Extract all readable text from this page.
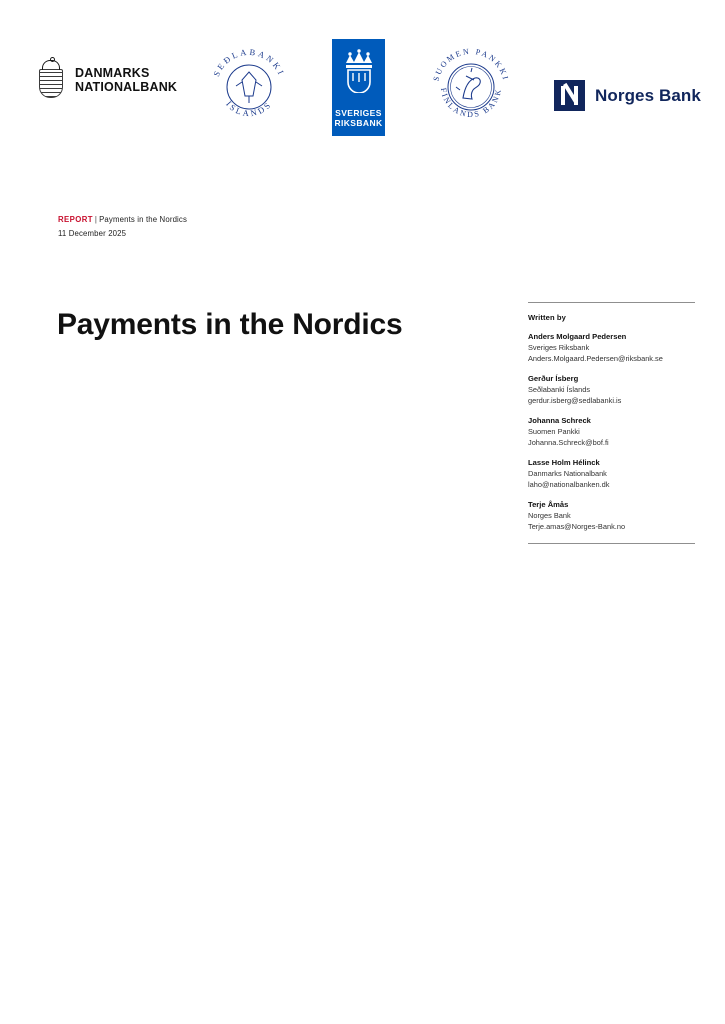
DANMARKS
NATIONALBANK
SEÐLABANKI
ÍSLANDS
SVERIGES
RIKSBANK
SUOMEN PANKKI
FINLANDS BANK	Norges Bank
REPORT | Payments in the Nordics
11 December 2025
Payments in the Nordics	Written by
Anders Molgaard Pedersen
Sveriges Riksbank
Anders.Molgaard.Pedersen@riksbank.se
Gerður Ísberg
Seðlabanki Íslands
gerdur.isberg@sedlabanki.is
Johanna Schreck
Suomen Pankki
Johanna.Schreck@bof.fi
Lasse Holm Hélinck
Danmarks Nationalbank
laho@nationalbanken.dk
Terje Åmås
Norges Bank
Terje.amas@Norges-Bank.no
